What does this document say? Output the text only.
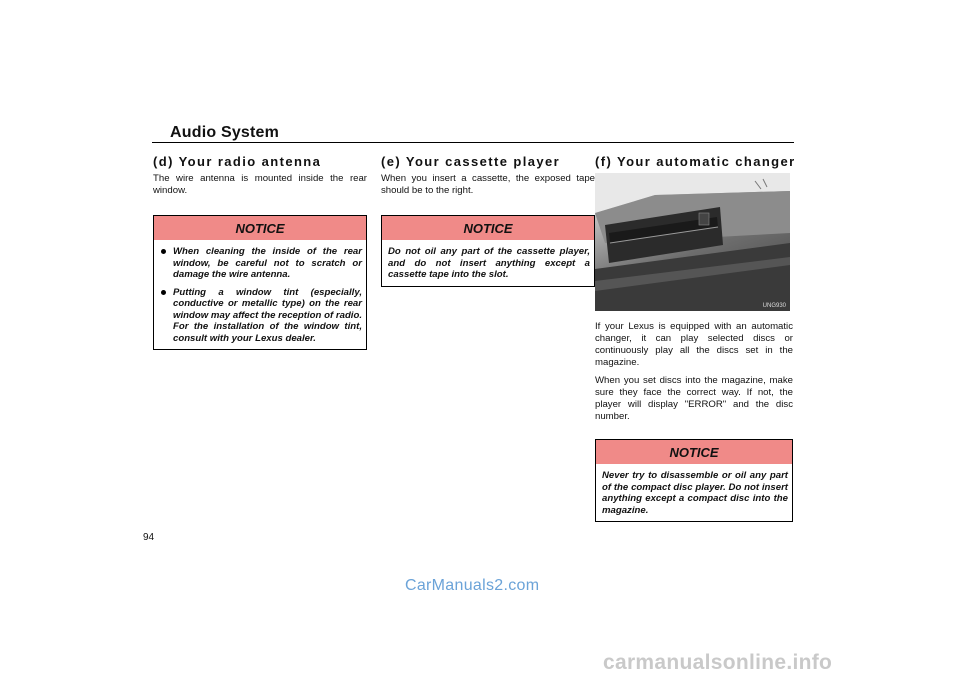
Audio System
(d) Your radio antenna

The wire antenna is mounted inside the rear window.

NOTICE
When cleaning the inside of the rear window, be careful not to scratch or damage the wire antenna.
Putting a window tint (especially, conductive or metallic type) on the rear window may affect the reception of radio. For the installation of the window tint, consult with your Lexus dealer.
(e) Your cassette player

When you insert a cassette, the exposed tape should be to the right.

NOTICE
Do not oil any part of the cassette player, and do not insert anything except a cassette tape into the slot.
(f) Your automatic changer
UNG930

If your Lexus is equipped with an automatic changer, it can play selected discs or continuously play all the discs set in the magazine.

When you set discs into the magazine, make sure they face the correct way. If not, the player will display "ERROR" and the disc number.

NOTICE
Never try to disassemble or oil any part of the compact disc player. Do not insert anything except a compact disc into the magazine.
94
CarManuals2.com
carmanualsonline.info
